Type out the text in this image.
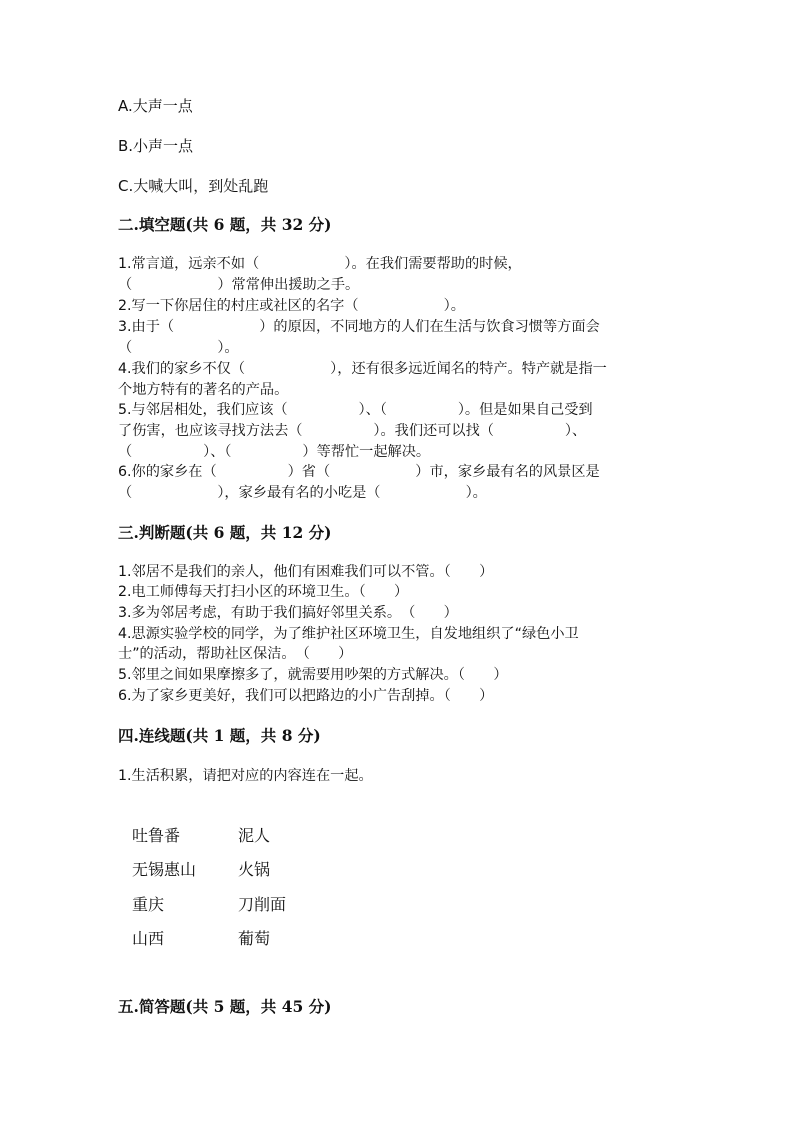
A.大声一点
B.小声一点
C.大喊大叫，到处乱跑
二.填空题(共 6 题，共 32 分)
1.常言道，远亲不如（　　　　　　）。在我们需要帮助的时候，
（　　　　　　）常常伸出援助之手。
2.写一下你居住的村庄或社区的名字（　　　　　　）。
3.由于（　　　　　　）的原因，不同地方的人们在生活与饮食习惯等方面会
（　　　　　　）。
4.我们的家乡不仅（　　　　　　），还有很多远近闻名的特产。特产就是指一
个地方特有的著名的产品。
5.与邻居相处，我们应该（　　　　　）、（　　　　　）。但是如果自己受到
了伤害，也应该寻找方法去（　　　　　）。我们还可以找（　　　　　）、
（　　　　　）、（　　　　　）等帮忙一起解决。
6.你的家乡在（　　　　　）省（　　　　　　）市，家乡最有名的风景区是
（　　　　　　），家乡最有名的小吃是（　　　　　　）。
三.判断题(共 6 题，共 12 分)
1.邻居不是我们的亲人，他们有困难我们可以不管。（　　）
2.电工师傅每天打扫小区的环境卫生。（　　）
3.多为邻居考虑，有助于我们搞好邻里关系。　（　　）
4.思源实验学校的同学，为了维护社区环境卫生，自发地组织了“绿色小卫
士”的活动，帮助社区保洁。　（　　）
5.邻里之间如果摩擦多了，就需要用吵架的方式解决。（　　）
6.为了家乡更美好，我们可以把路边的小广告刮掉。（　　）
四.连线题(共 1 题，共 8 分)
1.生活积累，请把对应的内容连在一起。
吐鲁番	泥人
无锡惠山	火锅
重庆	刀削面
山西	葡萄
五.简答题(共 5 题，共 45 分)
